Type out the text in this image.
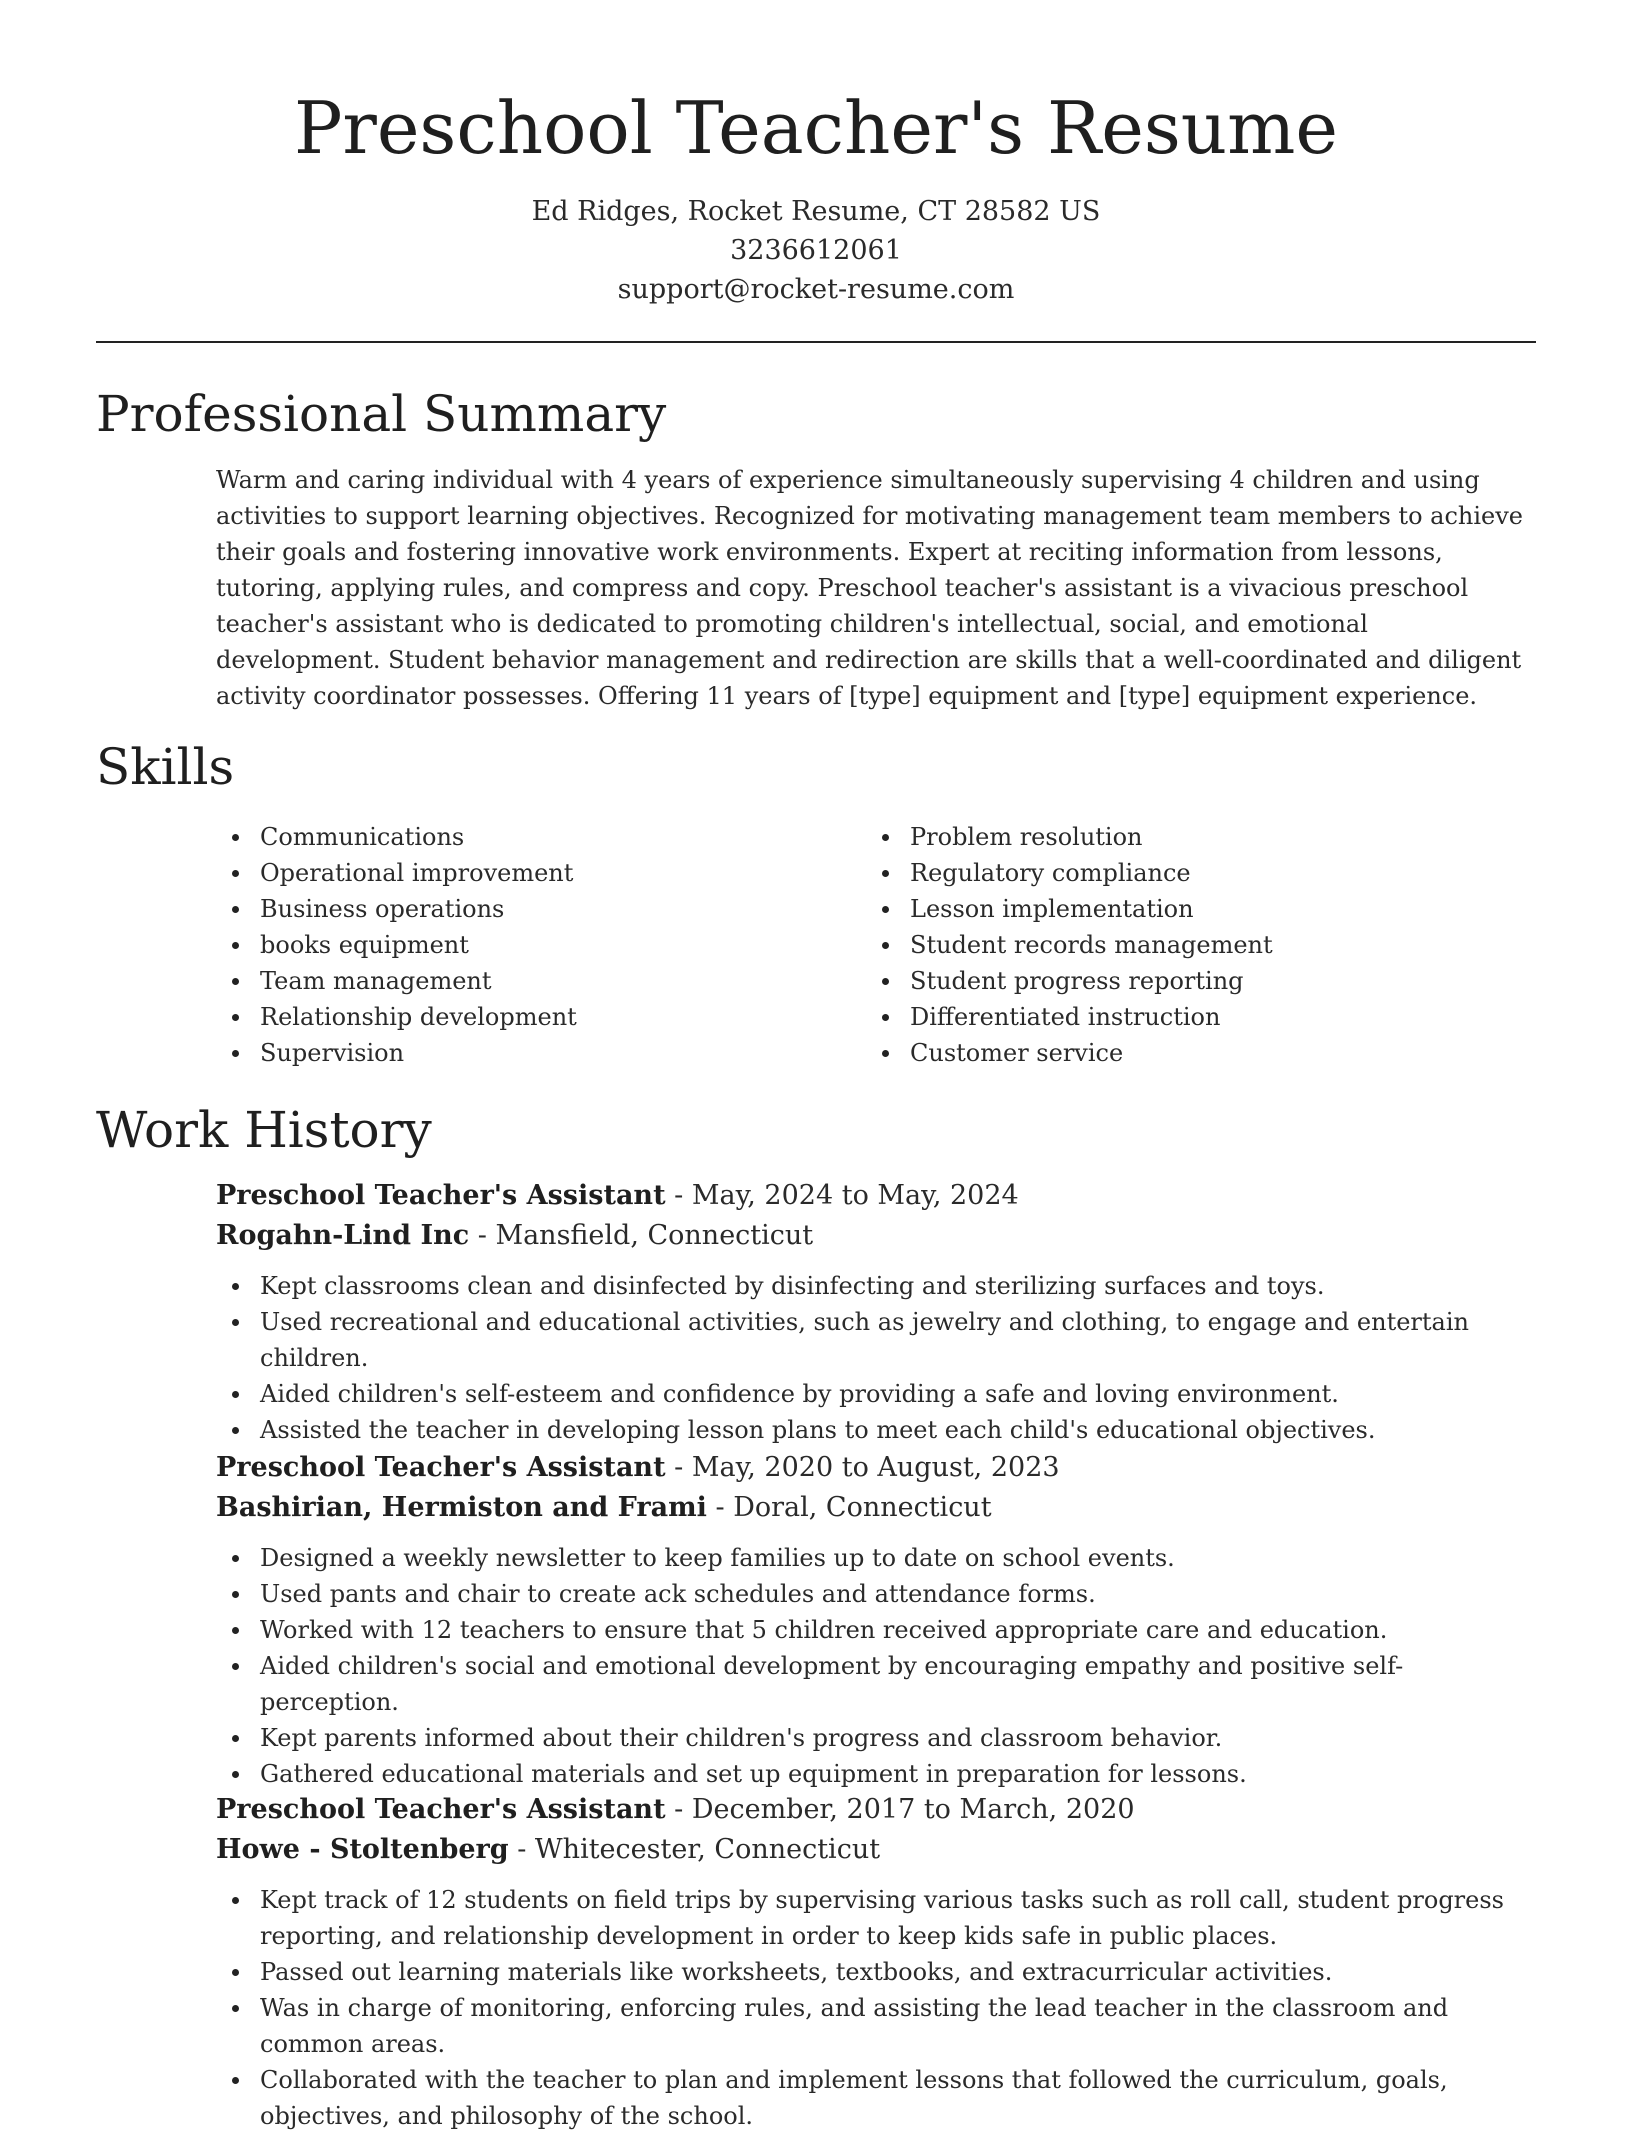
Preschool Teacher's Resume
Ed Ridges, Rocket Resume, CT 28582 US
3236612061
support@rocket-resume.com
Professional Summary

Warm and caring individual with 4 years of experience simultaneously supervising 4 children and using activities to support learning objectives. Recognized for motivating management team members to achieve their goals and fostering innovative work environments. Expert at reciting information from lessons, tutoring, applying rules, and compress and copy. Preschool teacher's assistant is a vivacious preschool teacher's assistant who is dedicated to promoting children's intellectual, social, and emotional development. Student behavior management and redirection are skills that a well-coordinated and diligent activity coordinator possesses. Offering 11 years of [type] equipment and [type] equipment experience.

Skills
Communications
Operational improvement
Business operations
books equipment
Team management
Relationship development
Supervision
Problem resolution
Regulatory compliance
Lesson implementation
Student records management
Student progress reporting
Differentiated instruction
Customer service
Work History
Preschool Teacher's Assistant - May, 2024 to May, 2024
Rogahn-Lind Inc - Mansfield, Connecticut
Kept classrooms clean and disinfected by disinfecting and sterilizing surfaces and toys.
Used recreational and educational activities, such as jewelry and clothing, to engage and entertain children.
Aided children's self-esteem and confidence by providing a safe and loving environment.
Assisted the teacher in developing lesson plans to meet each child's educational objectives.
Preschool Teacher's Assistant - May, 2020 to August, 2023
Bashirian, Hermiston and Frami - Doral, Connecticut
Designed a weekly newsletter to keep families up to date on school events.
Used pants and chair to create ack schedules and attendance forms.
Worked with 12 teachers to ensure that 5 children received appropriate care and education.
Aided children's social and emotional development by encouraging empathy and positive self-perception.
Kept parents informed about their children's progress and classroom behavior.
Gathered educational materials and set up equipment in preparation for lessons.
Preschool Teacher's Assistant - December, 2017 to March, 2020
Howe - Stoltenberg - Whitecester, Connecticut
Kept track of 12 students on field trips by supervising various tasks such as roll call, student progress reporting, and relationship development in order to keep kids safe in public places.
Passed out learning materials like worksheets, textbooks, and extracurricular activities.
Was in charge of monitoring, enforcing rules, and assisting the lead teacher in the classroom and common areas.
Collaborated with the teacher to plan and implement lessons that followed the curriculum, goals, objectives, and philosophy of the school.
